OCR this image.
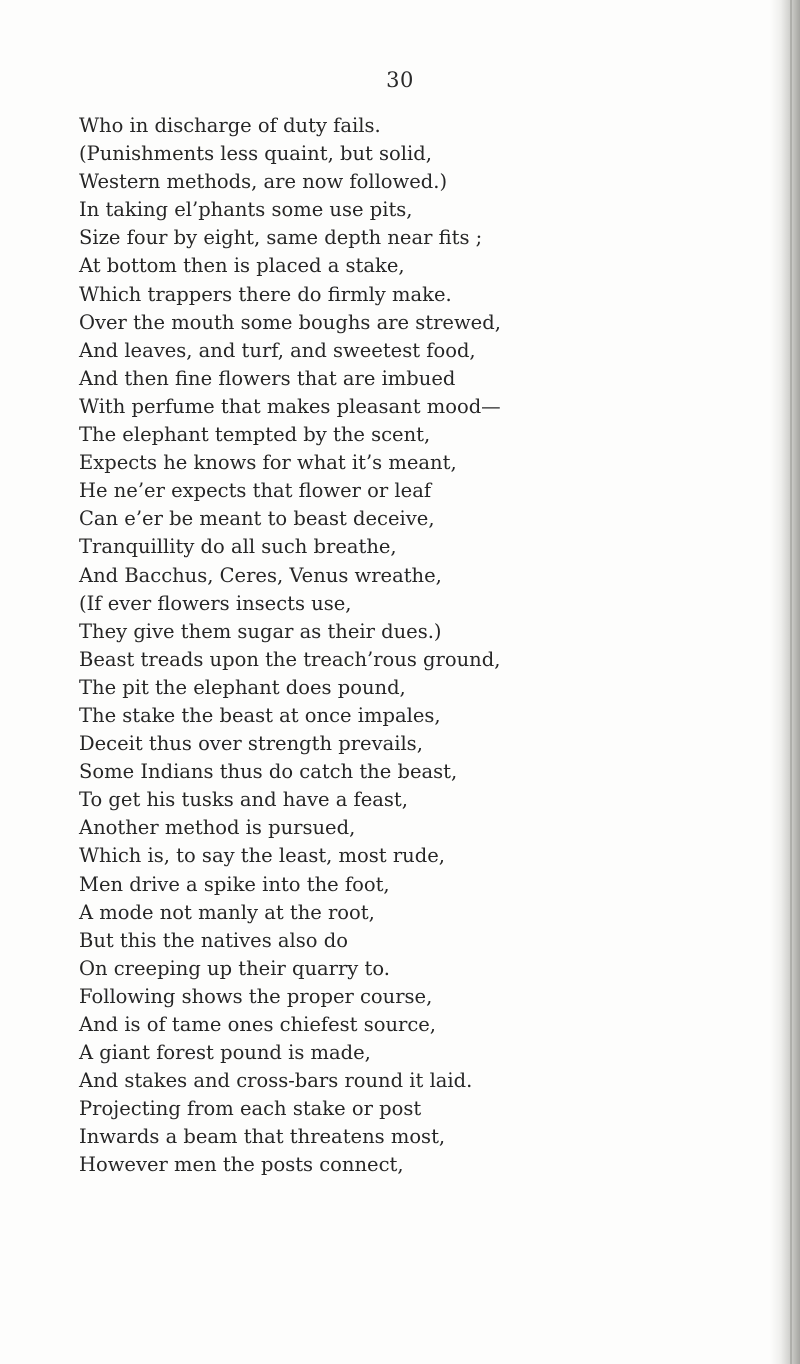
30
Who in discharge of duty fails.
(Punishments less quaint, but solid,
Western methods, are now followed.)
In taking el’phants some use pits,
Size four by eight, same depth near fits ;
At bottom then is placed a stake,
Which trappers there do firmly make.
Over the mouth some boughs are strewed,
And leaves, and turf, and sweetest food,
And then fine flowers that are imbued
With perfume that makes pleasant mood—
The elephant tempted by the scent,
Expects he knows for what it’s meant,
He ne’er expects that flower or leaf
Can e’er be meant to beast deceive,
Tranquillity do all such breathe,
And Bacchus, Ceres, Venus wreathe,
(If ever flowers insects use,
They give them sugar as their dues.)
Beast treads upon the treach’rous ground,
The pit the elephant does pound,
The stake the beast at once impales,
Deceit thus over strength prevails,
Some Indians thus do catch the beast,
To get his tusks and have a feast,
Another method is pursued,
Which is, to say the least, most rude,
Men drive a spike into the foot,
A mode not manly at the root,
But this the natives also do
On creeping up their quarry to.
Following shows the proper course,
And is of tame ones chiefest source,
A giant forest pound is made,
And stakes and cross-bars round it laid.
Projecting from each stake or post
Inwards a beam that threatens most,
However men the posts connect,
